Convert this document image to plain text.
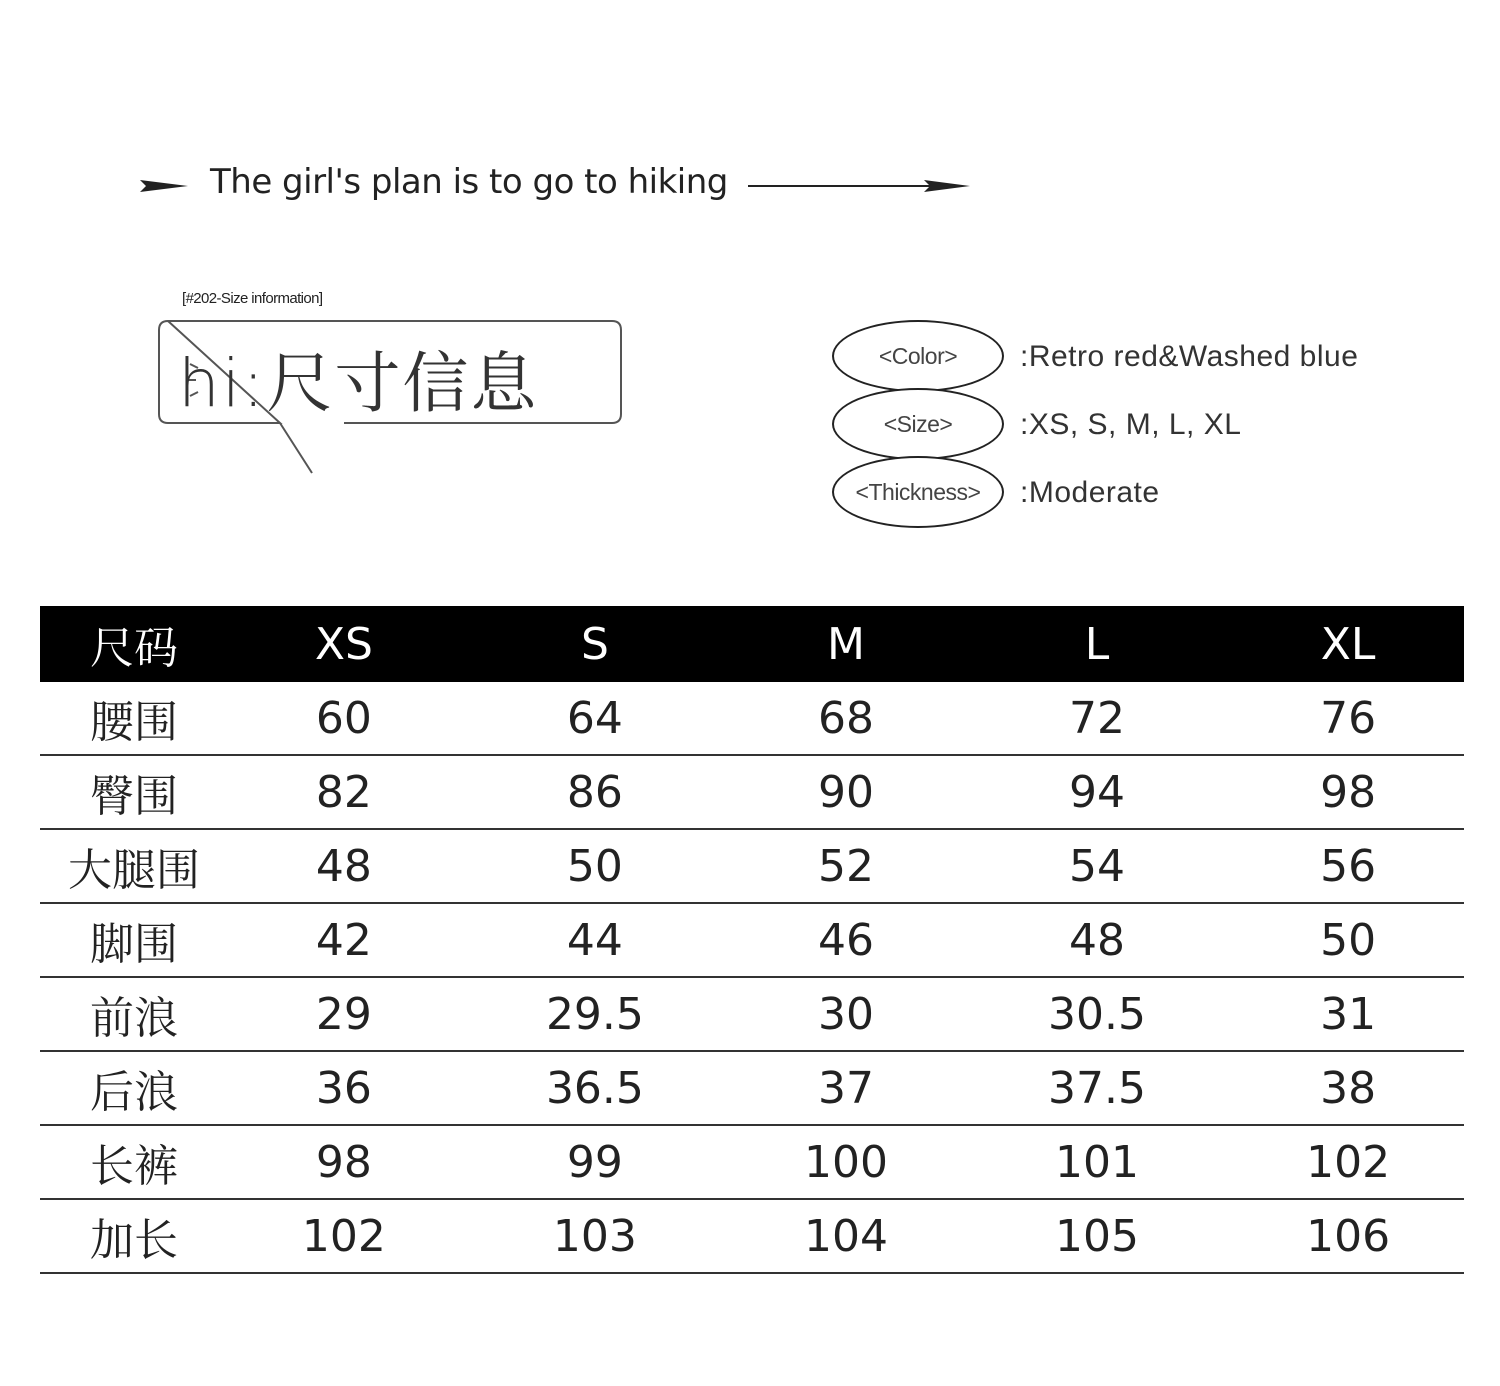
The girl's plan is to go to hiking
[#202-Size information]
hi:尺寸信息	<Color>	:Retro red&Washed blue
<Size>	:XS, S, M, L, XL
<Thickness>	:Moderate
尺码	XS	S	M	L	XL
腰围	60	64	68	72	76
臀围	82	86	90	94	98
大腿围	48	50	52	54	56
脚围	42	44	46	48	50
前浪	29	29.5	30	30.5	31
后浪	36	36.5	37	37.5	38
长裤	98	99	100	101	102
加长	102	103	104	105	106
